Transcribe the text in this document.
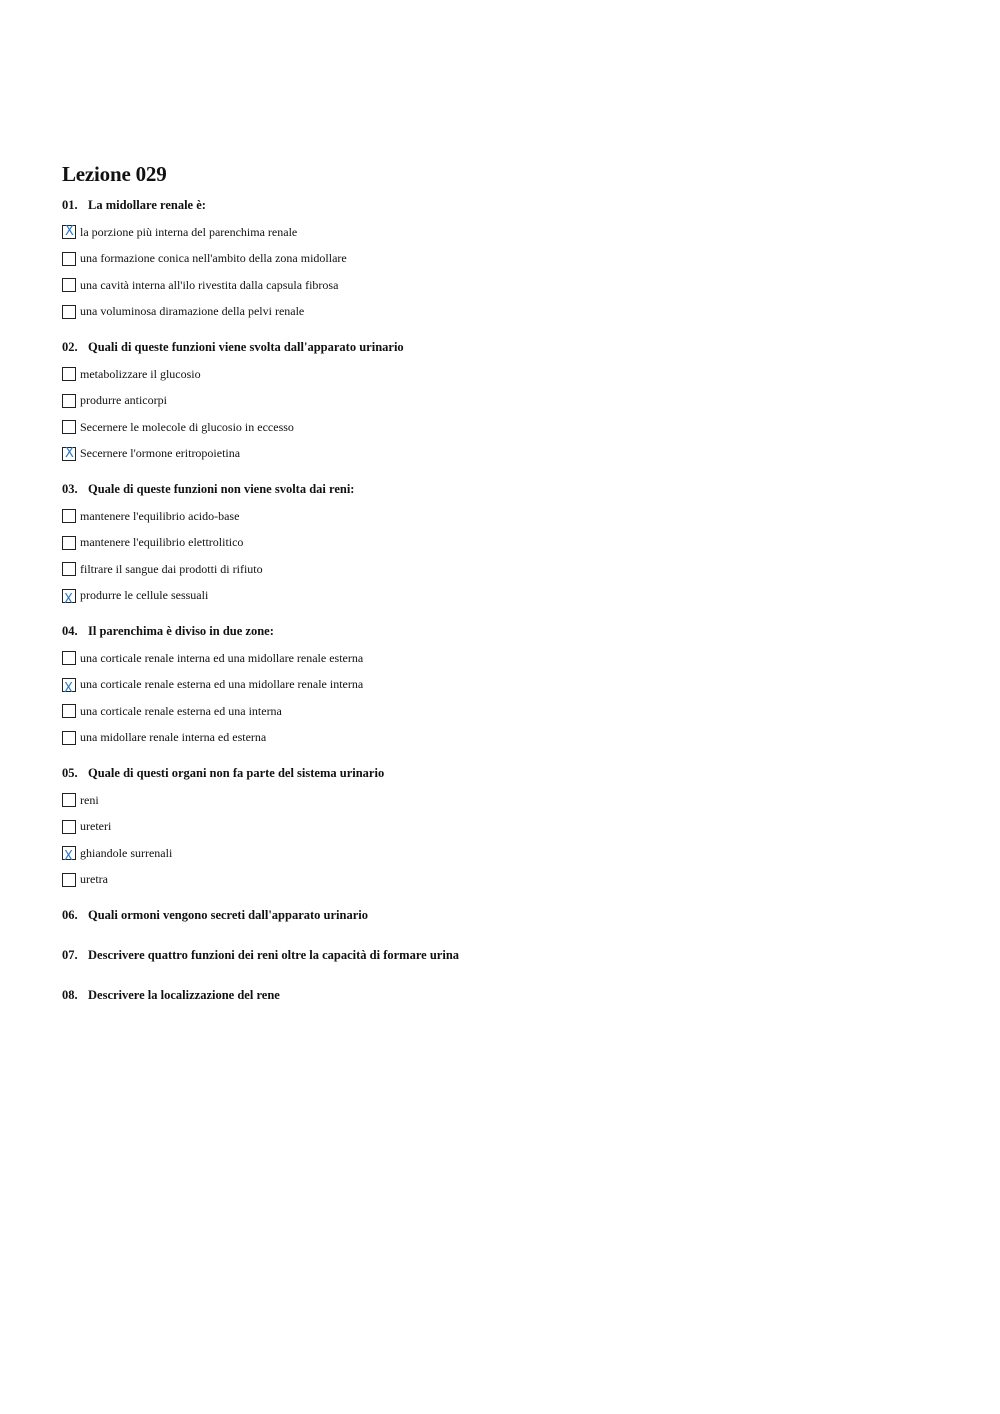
Lezione 029
01. La midollare renale è:
X la porzione più interna del parenchima renale
una formazione conica nell'ambito della zona midollare
una cavità interna all'ilo rivestita dalla capsula fibrosa
una voluminosa diramazione della pelvi renale
02. Quali di queste funzioni viene svolta dall'apparato urinario
metabolizzare il glucosio
produrre anticorpi
Secernere le molecole di glucosio in eccesso
X Secernere l'ormone eritropoietina
03. Quale di queste funzioni non viene svolta dai reni:
mantenere l'equilibrio acido-base
mantenere l'equilibrio elettrolitico
filtrare il sangue dai prodotti di rifiuto
X produrre le cellule sessuali
04. Il parenchima è diviso in due zone:
una corticale renale interna ed una midollare renale esterna
X una corticale renale esterna ed una midollare renale interna
una corticale renale esterna ed una interna
una midollare renale interna ed esterna
05. Quale di questi organi non fa parte del sistema urinario
reni
ureteri
X ghiandole surrenali
uretra
06. Quali ormoni vengono secreti dall'apparato urinario
07. Descrivere quattro funzioni dei reni oltre la capacità di formare urina
08. Descrivere la localizzazione del rene
